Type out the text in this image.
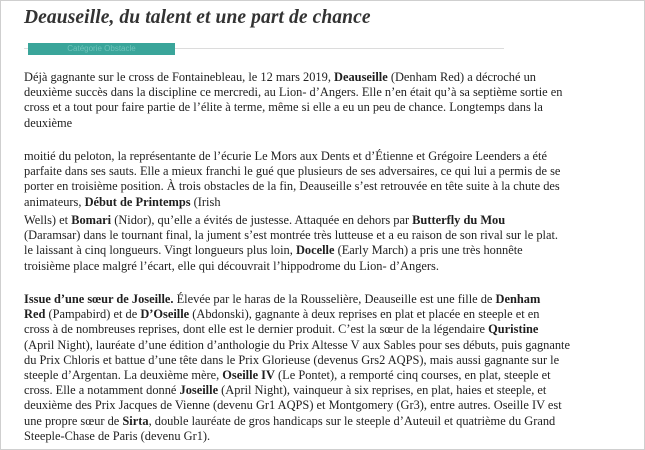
Deauseille, du talent et une part de chance
Catégorie Obstacle
Déjà gagnante sur le cross de Fontainebleau, le 12 mars 2019, Deauseille (Denham Red) a décroché un
deuxième succès dans la discipline ce mercredi, au Lion- d’Angers. Elle n’en était qu’à sa septième sortie en
cross et a tout pour faire partie de l’élite à terme, même si elle a eu un peu de chance. Longtemps dans la
deuxième
moitié du peloton, la représentante de l’écurie Le Mors aux Dents et d’Étienne et Grégoire Leenders a été
parfaite dans ses sauts. Elle a mieux franchi le gué que plusieurs de ses adversaires, ce qui lui a permis de se
porter en troisième position. À trois obstacles de la fin, Deauseille s’est retrouvée en tête suite à la chute des
animateurs, Début de Printemps (Irish
Wells) et Bomari (Nidor), qu’elle a évités de justesse. Attaquée en dehors par Butterfly du Mou
(Daramsar) dans le tournant final, la jument s’est montrée très lutteuse et a eu raison de son rival sur le plat.
le laissant à cinq longueurs. Vingt longueurs plus loin, Docelle (Early March) a pris une très honnête
troisième place malgré l’écart, elle qui découvrait l’hippodrome du Lion- d’Angers.
Issue d’une sœur de Joseille. Élevée par le haras de la Rousselière, Deauseille est une fille de Denham
Red (Pampabird) et de D’Oseille (Abdonski), gagnante à deux reprises en plat et placée en steeple et en
cross à de nombreuses reprises, dont elle est le dernier produit. C’est la sœur de la légendaire Quristine
(April Night), lauréate d’une édition d’anthologie du Prix Altesse V aux Sables pour ses débuts, puis gagnante
du Prix Chloris et battue d’une tête dans le Prix Glorieuse (devenus Grs2 AQPS), mais aussi gagnante sur le
steeple d’Argentan. La deuxième mère, Oseille IV (Le Pontet), a remporté cinq courses, en plat, steeple et
cross. Elle a notamment donné Joseille (April Night), vainqueur à six reprises, en plat, haies et steeple, et
deuxième des Prix Jacques de Vienne (devenu Gr1 AQPS) et Montgomery (Gr3), entre autres. Oseille IV est
une propre sœur de Sirta, double lauréate de gros handicaps sur le steeple d’Auteuil et quatrième du Grand
Steeple-Chase de Paris (devenu Gr1).
